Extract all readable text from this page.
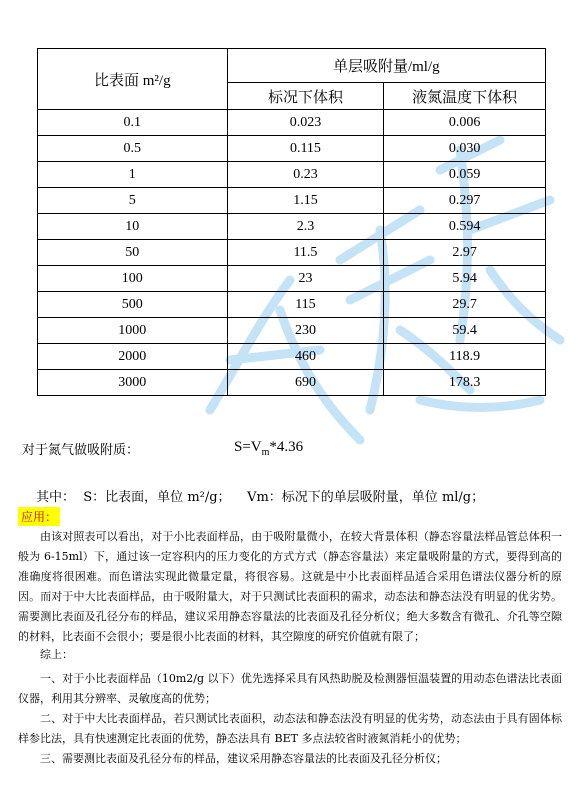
比表面 m²/g	单层吸附量/ml/g	
	标况下体积	液氮温度下体积
0.1	0.023	0.006
0.5	0.115	0.030
1	0.23	0.059
5	1.15	0.297
10	2.3	0.594
50	11.5	2.97
100	23	5.94
500	115	29.7
1000	230	59.4
2000	460	118.9
3000	690	178.3
对于氮气做吸附质：	$S=V_m*4.36$
其中： S：比表面，单位 m²/g； Vm：标况下的单层吸附量，单位 ml/g；
应用：

由该对照表可以看出，对于小比表面样品，由于吸附量微小，在较大背景体积（静态容量法样品管总体积一般为 6-15ml）下，通过该一定容积内的压力变化的方式方式（静态容量法）来定量吸附量的方式，要得到高的准确度将很困难。而色谱法实现此微量定量，将很容易。这就是中小比表面样品适合采用色谱法仪器分析的原因。而对于中大比表面样品，由于吸附量大，对于只测试比表面积的需求，动态法和静态法没有明显的优劣势。需要测比表面及孔径分布的样品，建议采用静态容量法的比表面及孔径分析仪；绝大多数含有微孔、介孔等空隙的材料，比表面不会很小；要是很小比表面的材料，其空隙度的研究价值就有限了；

综上：

一、对于小比表面样品（10m2/g 以下）优先选择采具有风热助脱及检测器恒温装置的用动态色谱法比表面仪器，利用其分辨率、灵敏度高的优势；

二、对于中大比表面样品，若只测试比表面积，动态法和静态法没有明显的优劣势，动态法由于具有固体标样参比法，具有快速测定比表面的优势，静态法具有 BET 多点法较省时液氮消耗小的优势；

三、需要测比表面及孔径分布的样品，建议采用静态容量法的比表面及孔径分析仪；
